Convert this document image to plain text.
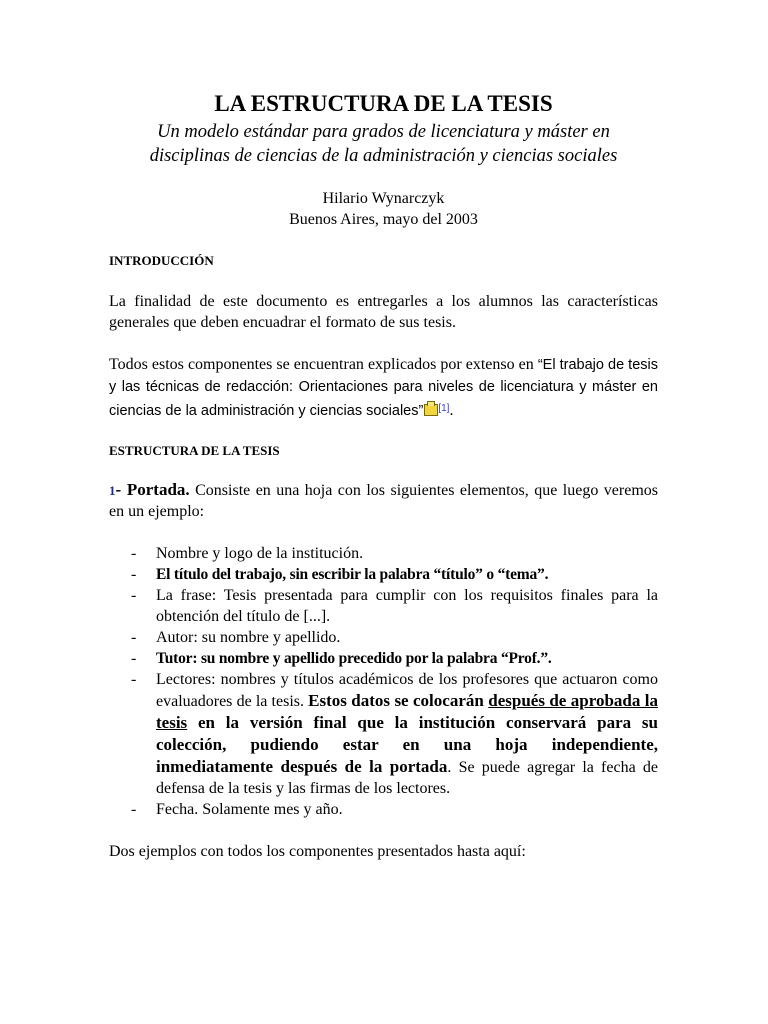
LA ESTRUCTURA DE LA TESIS
Un modelo estándar para grados de licenciatura y máster en
disciplinas de ciencias de la administración y ciencias sociales
Hilario Wynarczyk
Buenos Aires, mayo del 2003

INTRODUCCIÓN

La finalidad de este documento es entregarles a los alumnos las características generales que deben encuadrar el formato de sus tesis.

Todos estos componentes se encuentran explicados por extenso en “El trabajo de tesis y las técnicas de redacción: Orientaciones para niveles de licenciatura y máster en ciencias de la administración y ciencias sociales” [1].

ESTRUCTURA DE LA TESIS

1- Portada. Consiste en una hoja con los siguientes elementos, que luego veremos en un ejemplo:

- Nombre y logo de la institución.
- El título del trabajo, sin escribir la palabra “título” o “tema”.
- La frase: Tesis presentada para cumplir con los requisitos finales para la obtención del título de [...].
- Autor: su nombre y apellido.
- Tutor: su nombre y apellido precedido por la palabra “Prof.”.
- Lectores: nombres y títulos académicos de los profesores que actuaron como evaluadores de la tesis. Estos datos se colocarán después de aprobada la tesis en la versión final que la institución conservará para su colección, pudiendo estar en una hoja independiente, inmediatamente después de la portada. Se puede agregar la fecha de defensa de la tesis y las firmas de los lectores.
- Fecha. Solamente mes y año.

Dos ejemplos con todos los componentes presentados hasta aquí:
